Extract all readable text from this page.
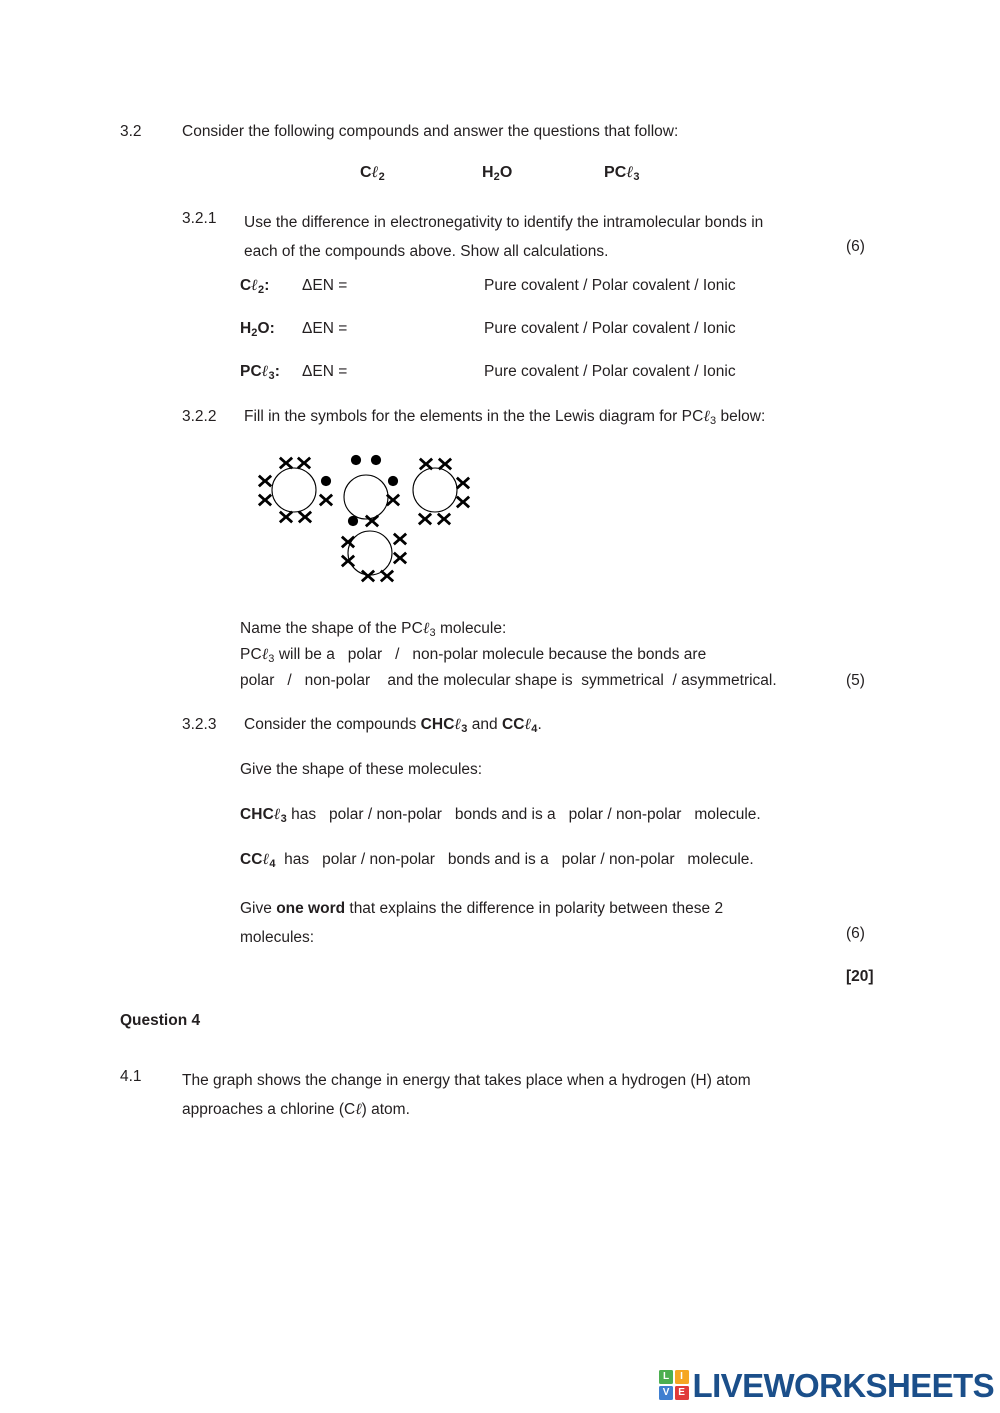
3.2	Consider the following compounds and answer the questions that follow:
Cℓ$_2$	$H_2O$	PCℓ$_3$
3.2.1	Use the difference in electronegativity to identify the intramolecular bonds in
each of the compounds above. Show all calculations.	(6)
Cℓ$_2$: ΔEN =	Pure covalent / Polar covalent / Ionic
$H_2O$: ΔEN =	Pure covalent / Polar covalent / Ionic
PCℓ$_3$: ΔEN =	Pure covalent / Polar covalent / Ionic
3.2.2	Fill in the symbols for the elements in the the Lewis diagram for PCℓ$_3$ below:
Name the shape of the PCℓ$_3$ molecule:
PCℓ$_3$ will be a   polar   /   non-polar molecule because the bonds are
polar   /   non-polar    and the molecular shape is  symmetrical  / asymmetrical.	(5)
3.2.3	Consider the compounds CHCℓ$_3$ and CCℓ$_4$.
Give the shape of these molecules:
CHCℓ$_3$ has   polar / non-polar   bonds and is a   polar / non-polar   molecule.
CCℓ$_4$  has   polar / non-polar   bonds and is a   polar / non-polar   molecule.
Give one word that explains the difference in polarity between these 2
molecules:	(6)
[20]
Question 4
4.1	The graph shows the change in energy that takes place when a hydrogen (H) atom
approaches a chlorine (Cℓ) atom.
L	I
V E LIVEWORKSHEETS
